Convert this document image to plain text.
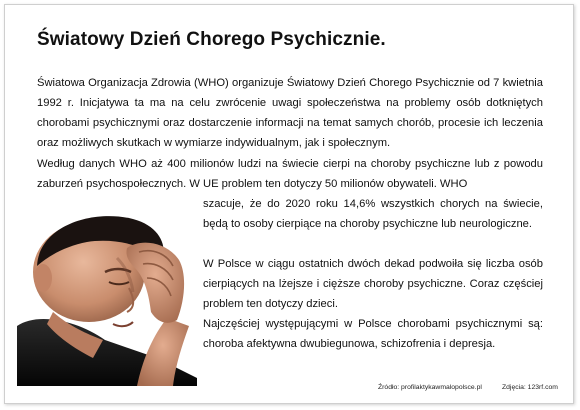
Światowy Dzień Chorego Psychicznie.

Światowa Organizacja Zdrowia (WHO) organizuje Światowy Dzień Chorego Psychicznie od 7 kwietnia 1992 r. Inicjatywa ta ma na celu zwrócenie uwagi społeczeństwa na problemy osób dotkniętych chorobami psychicznymi oraz dostarczenie informacji na temat samych chorób, procesie ich leczenia oraz możliwych skutkach w wymiarze indywidualnym, jak i społecznym.

Według danych WHO aż 400 milionów ludzi na świecie cierpi na choroby psychiczne lub z powodu zaburzeń psychospołecznych. W UE problem ten dotyczy 50 milionów obywateli. WHO

szacuje, że do 2020 roku 14,6% wszystkich chorych na świecie, będą to osoby cierpiące na choroby psychiczne lub neurologiczne.

W Polsce w ciągu ostatnich dwóch dekad podwoiła się liczba osób cierpiących na lżejsze i cięższe choroby psychiczne. Coraz częściej problem ten dotyczy dzieci.

Najczęściej występującymi w Polsce chorobami psychicznymi są: choroba afektywna dwubiegunowa, schizofrenia i depresja.

Źródło: profilaktykawmalopolsce.pl	Zdjęcia: 123rf.com
